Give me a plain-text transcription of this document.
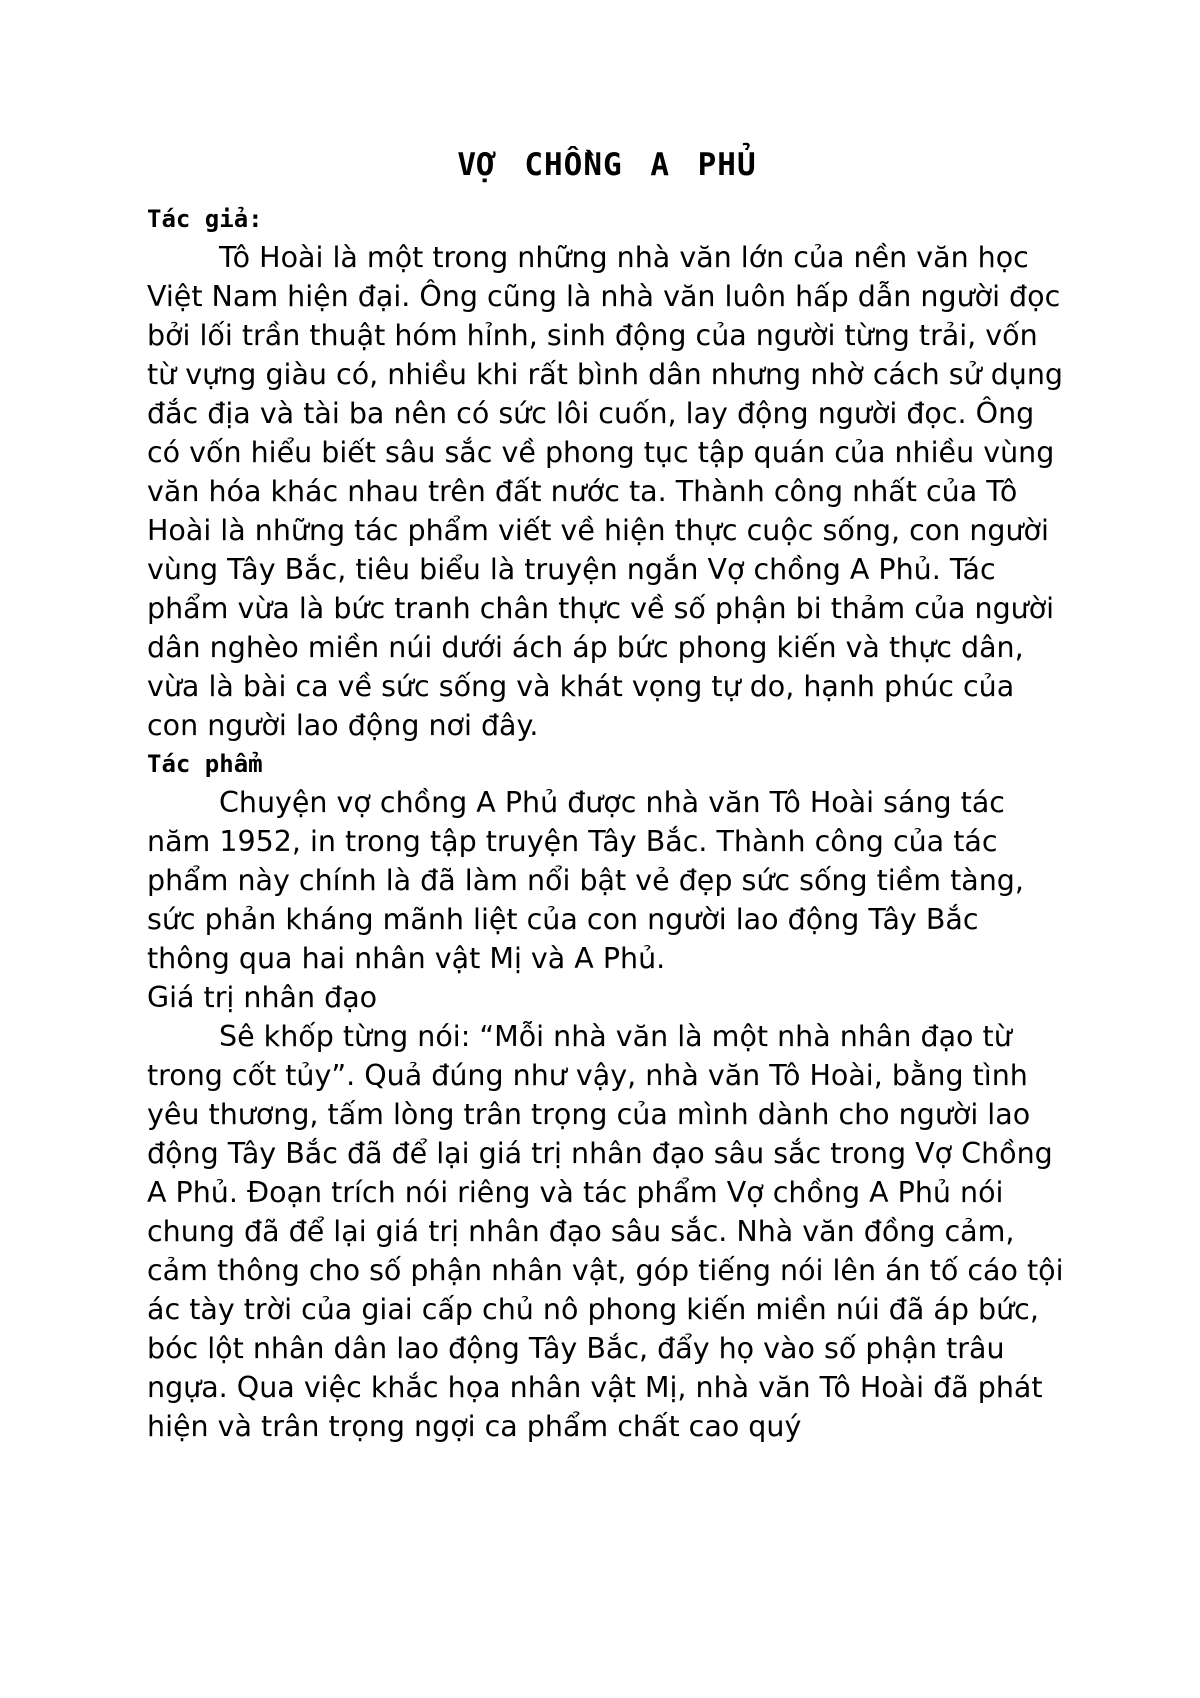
VỢ CHỒNG A PHỦ
Tác giả:

Tô Hoài là một trong những nhà văn lớn của nền văn học Việt Nam hiện đại. Ông cũng là nhà văn luôn hấp dẫn người đọc bởi lối trần thuật hóm hỉnh, sinh động của người từng trải, vốn từ vựng giàu có, nhiều khi rất bình dân nhưng nhờ cách sử dụng đắc địa và tài ba nên có sức lôi cuốn, lay động người đọc. Ông có vốn hiểu biết sâu sắc về phong tục tập quán của nhiều vùng văn hóa khác nhau trên đất nước ta. Thành công nhất của Tô Hoài là những tác phẩm viết về hiện thực cuộc sống, con người vùng Tây Bắc, tiêu biểu là truyện ngắn Vợ chồng A Phủ. Tác phẩm vừa là bức tranh chân thực về số phận bi thảm của người dân nghèo miền núi dưới ách áp bức phong kiến và thực dân, vừa là bài ca về sức sống và khát vọng tự do, hạnh phúc của con người lao động nơi đây.

Tác phẩm

Chuyện vợ chồng A Phủ được nhà văn Tô Hoài sáng tác năm 1952, in trong tập truyện Tây Bắc. Thành công của tác phẩm này chính là đã làm nổi bật vẻ đẹp sức sống tiềm tàng, sức phản kháng mãnh liệt của con người lao động Tây Bắc thông qua hai nhân vật Mị và A Phủ.

Giá trị nhân đạo

Sê khốp từng nói: “Mỗi nhà văn là một nhà nhân đạo từ trong cốt tủy”. Quả đúng như vậy, nhà văn Tô Hoài, bằng tình yêu thương, tấm lòng trân trọng của mình dành cho người lao động Tây Bắc đã để lại giá trị nhân đạo sâu sắc trong Vợ Chồng A Phủ. Đoạn trích nói riêng và tác phẩm Vợ chồng A Phủ nói chung đã để lại giá trị nhân đạo sâu sắc. Nhà văn đồng cảm, cảm thông cho số phận nhân vật, góp tiếng nói lên án tố cáo tội ác tày trời của giai cấp chủ nô phong kiến miền núi đã áp bức, bóc lột nhân dân lao động Tây Bắc, đẩy họ vào số phận trâu ngựa. Qua việc khắc họa nhân vật Mị, nhà văn Tô Hoài đã phát hiện và trân trọng ngợi ca phẩm chất cao quý
